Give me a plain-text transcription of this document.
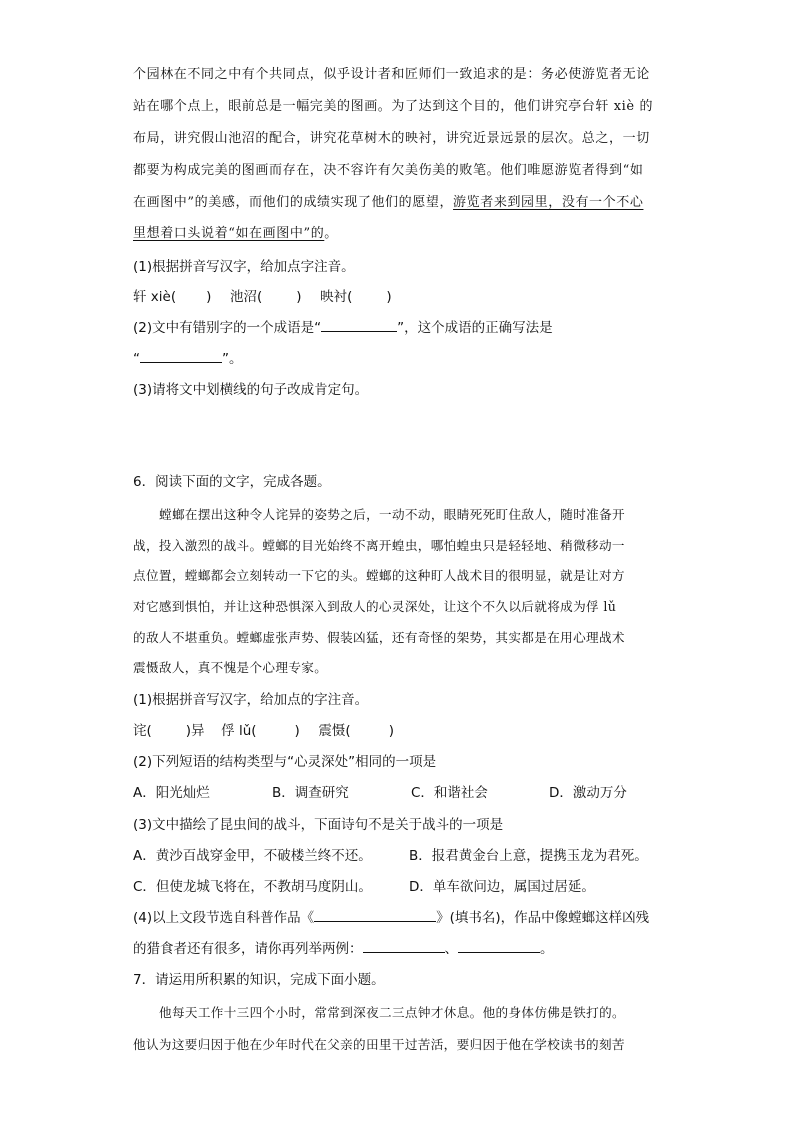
个园林在不同之中有个共同点，似乎设计者和匠师们一致追求的是：务必使游览者无论
站在哪个点上，眼前总是一幅完美的图画。为了达到这个目的，他们讲究亭台轩 xiè 的
布局，讲究假山池沼的配合，讲究花草树木的映衬，讲究近景远景的层次。总之，一切
都要为构成完美的图画而存在，决不容许有欠美伤美的败笔。他们唯愿游览者得到“如
在画图中”的美感，而他们的成绩实现了他们的愿望，游览者来到园里，没有一个不心
里想着口头说着“如在画图中”的。
(1)根据拼音写汉字，给加点字注音。
轩 xiè( ) 池沼(	) 映衬(	)
(2)文中有错别字的一个成语是“	”，这个成语的正确写法是
“	”。
(3)请将文中划横线的句子改成肯定句。
6．阅读下面的文字，完成各题。
螳螂在摆出这种令人诧异的姿势之后，一动不动，眼睛死死盯住敌人，随时准备开
战，投入激烈的战斗。螳螂的目光始终不离开蝗虫，哪怕蝗虫只是轻轻地、稍微移动一
点位置，螳螂都会立刻转动一下它的头。螳螂的这种盯人战术目的很明显，就是让对方
对它感到惧怕，并让这种恐惧深入到敌人的心灵深处，让这个不久以后就将成为俘 lǔ
的敌人不堪重负。螳螂虚张声势、假装凶猛，还有奇怪的架势，其实都是在用心理战术
震慑敌人，真不愧是个心理专家。
(1)根据拼音写汉字，给加点的字注音。
诧(	)异 俘 lǔ(	) 震慑(	)
(2)下列短语的结构类型与“心灵深处”相同的一项是
A．阳光灿烂	B．调查研究	C．和谐社会	D．激动万分
(3)文中描绘了昆虫间的战斗，下面诗句不是关于战斗的一项是
A．黄沙百战穿金甲，不破楼兰终不还。	B．报君黄金台上意，提携玉龙为君死。
C．但使龙城飞将在，不教胡马度阴山。	D．单车欲问边，属国过居延。
(4)以上文段节选自科普作品《	》(填书名)，作品中像螳螂这样凶残
的猎食者还有很多，请你再列举两例：	、	。
7．请运用所积累的知识，完成下面小题。
他每天工作十三四个小时，常常到深夜二三点钟才休息。他的身体仿佛是铁打的。
他认为这要归因于他在少年时代在父亲的田里干过苦活，要归因于他在学校读书的刻苦
